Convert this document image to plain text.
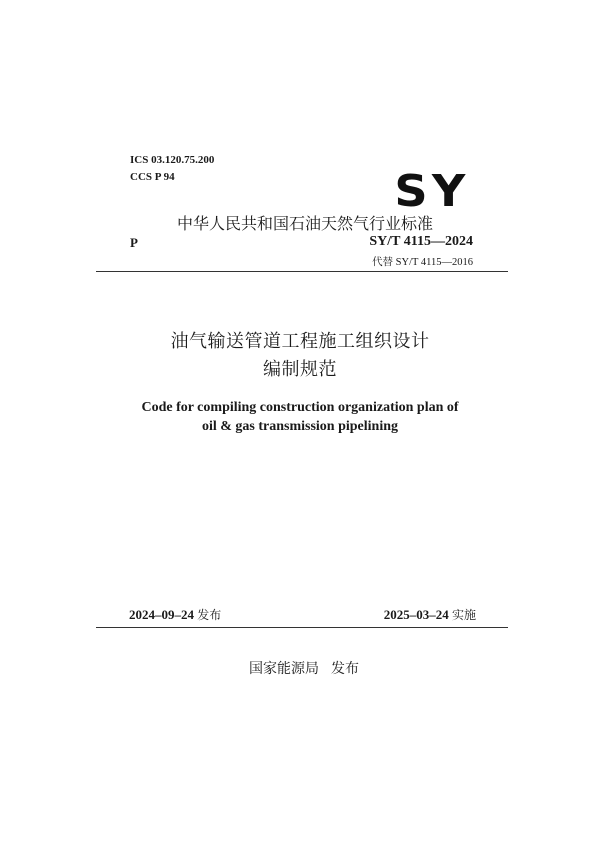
ICS 03.120.75.200
CCS P 94	SY
中华人民共和国石油天然气行业标准
P	SY/T 4115—2024
代替 SY/T 4115—2016
油气输送管道工程施工组织设计
编制规范
Code for compiling construction organization plan of
oil & gas transmission pipelining
2024–09–24 发布	2025–03–24 实施
国家能源局 发布
